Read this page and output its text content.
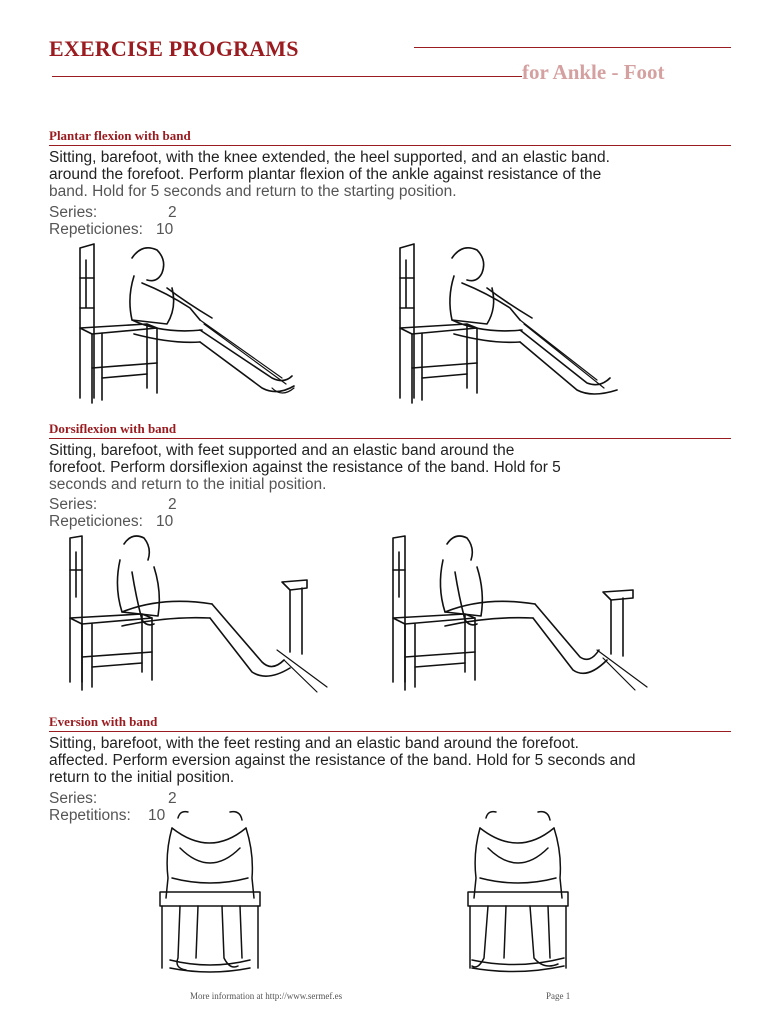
EXERCISE PROGRAMS
for Ankle - Foot
Plantar flexion with band
Sitting, barefoot, with the knee extended, the heel supported, and an elastic band.
around the forefoot. Perform plantar flexion of the ankle against resistance of the
band. Hold for 5 seconds and return to the starting position.
Series:	2
Repeticiones: 10
Dorsiflexion with band
Sitting, barefoot, with feet supported and an elastic band around the
forefoot. Perform dorsiflexion against the resistance of the band. Hold for 5
seconds and return to the initial position.
Series:	2
Repeticiones: 10
Eversion with band
Sitting, barefoot, with the feet resting and an elastic band around the forefoot.
affected. Perform eversion against the resistance of the band. Hold for 5 seconds and
return to the initial position.
Series:	2
Repetitions: 10
More information at http://www.sermef.es	Page 1
